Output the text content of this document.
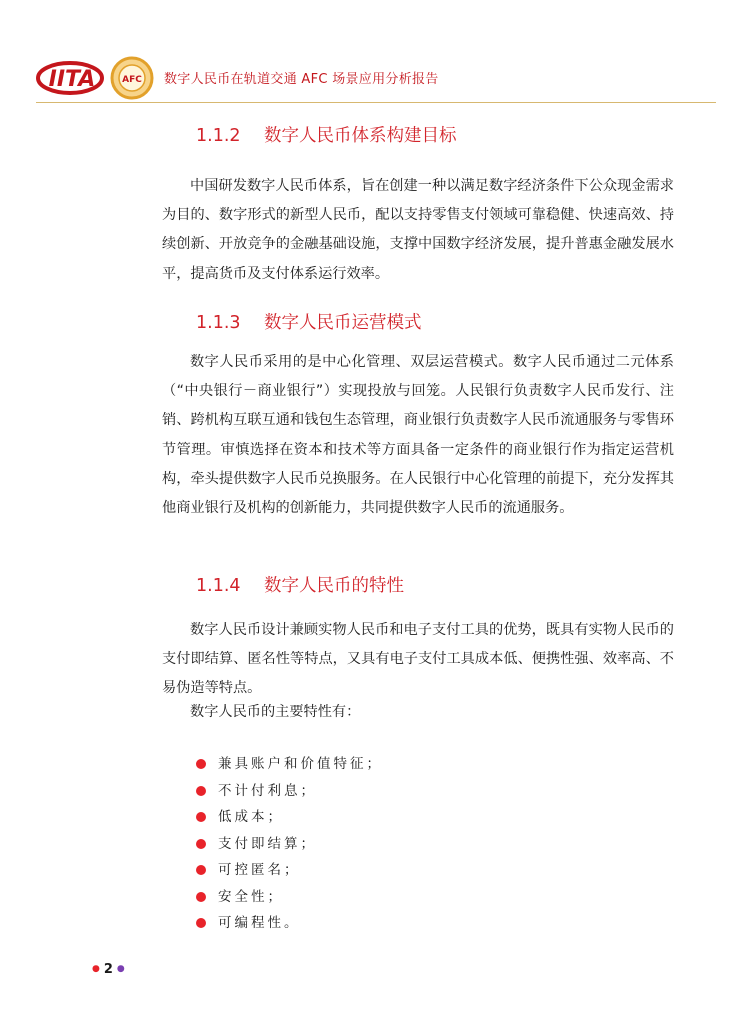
IITA	AFC 数字人民币在轨道交通 AFC 场景应用分析报告
1.1.2 数字人民币体系构建目标
中国研发数字人民币体系，旨在创建一种以满足数字经济条件下公众现金需求为目的、数字形式的新型人民币，配以支持零售支付领域可靠稳健、快速高效、持续创新、开放竞争的金融基础设施，支撑中国数字经济发展，提升普惠金融发展水平，提高货币及支付体系运行效率。
1.1.3 数字人民币运营模式
数字人民币采用的是中心化管理、双层运营模式。数字人民币通过二元体系（“中央银行－商业银行”）实现投放与回笼。人民银行负责数字人民币发行、注销、跨机构互联互通和钱包生态管理，商业银行负责数字人民币流通服务与零售环节管理。审慎选择在资本和技术等方面具备一定条件的商业银行作为指定运营机构，牵头提供数字人民币兑换服务。在人民银行中心化管理的前提下，充分发挥其他商业银行及机构的创新能力，共同提供数字人民币的流通服务。
1.1.4 数字人民币的特性
数字人民币设计兼顾实物人民币和电子支付工具的优势，既具有实物人民币的支付即结算、匿名性等特点，又具有电子支付工具成本低、便携性强、效率高、不易伪造等特点。
数字人民币的主要特性有：
兼具账户和价值特征；
不计付利息；
低成本；
支付即结算；
可控匿名；
安全性；
可编程性。
● 2 ●
